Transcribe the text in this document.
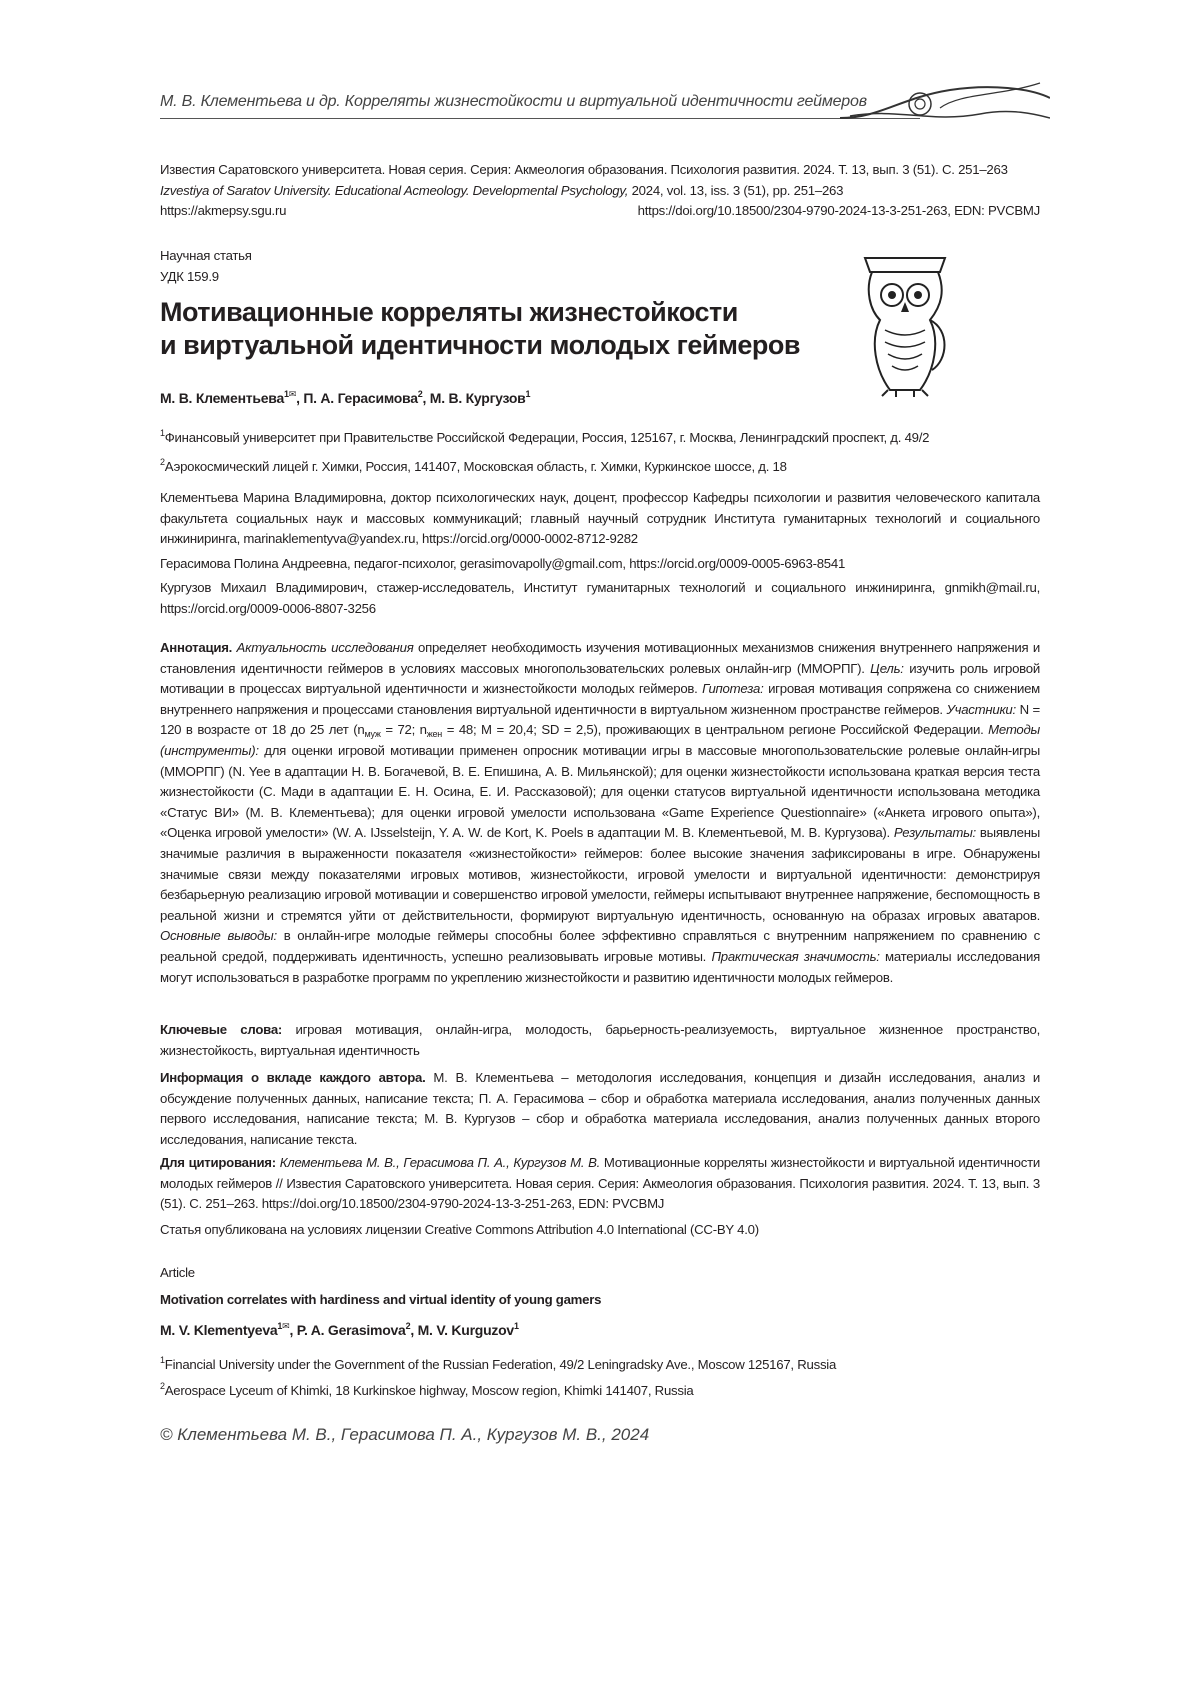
М. В. Клементьева и др. Корреляты жизнестойкости и виртуальной идентичности геймеров

Известия Саратовского университета. Новая серия. Серия: Акмеология образования. Психология развития. 2024. Т. 13, вып. 3 (51). С. 251–263

Izvestiya of Saratov University. Educational Acmeology. Developmental Psychology, 2024, vol. 13, iss. 3 (51), pp. 251–263

https://akmepsy.sgu.ru	https://doi.org/10.18500/2304-9790-2024-13-3-251-263, EDN: PVCBMJ

Научная статья

УДК 159.9

Мотивационные корреляты жизнестойкости
и виртуальной идентичности молодых геймеров
М. В. Клементьева$^{1✉}$, П. А. Герасимова$^2$, М. В. Кургузов$^1$

$^1$Финансовый университет при Правительстве Российской Федерации, Россия, 125167, г. Москва, Ленинградский проспект, д. 49/2

$^2$Аэрокосмический лицей г. Химки, Россия, 141407, Московская область, г. Химки, Куркинское шоссе, д. 18

Клементьева Марина Владимировна, доктор психологических наук, доцент, профессор Кафедры психологии и развития человеческого капитала факультета социальных наук и массовых коммуникаций; главный научный сотрудник Института гуманитарных технологий и социального инжиниринга, marinaklementyva@yandex.ru, https://orcid.org/0000-0002-8712-9282

Герасимова Полина Андреевна, педагог-психолог, gerasimovapolly@gmail.com, https://orcid.org/0009-0005-6963-8541

Кургузов Михаил Владимирович, стажер-исследователь, Институт гуманитарных технологий и социального инжиниринга, gnmikh@mail.ru, https://orcid.org/0009-0006-8807-3256

Аннотация. Актуальность исследования определяет необходимость изучения мотивационных механизмов снижения внутреннего напряжения и становления идентичности геймеров в условиях массовых многопользовательских ролевых онлайн-игр (ММОРПГ). Цель: изучить роль игровой мотивации в процессах виртуальной идентичности и жизнестойкости молодых геймеров. Гипотеза: игровая мотивация сопряжена со снижением внутреннего напряжения и процессами становления виртуальной идентичности в виртуальном жизненном пространстве геймеров. Участники: N = 120 в возрасте от 18 до 25 лет ($n_{муж} = 72$; $n_{жен} = 48$; M = 20,4; SD = 2,5), проживающих в центральном регионе Российской Федерации. Методы (инструменты): для оценки игровой мотивации применен опросник мотивации игры в массовые многопользовательские ролевые онлайн-игры (ММОРПГ) (N. Yee в адаптации Н. В. Богачевой, В. Е. Епишина, А. В. Мильянской); для оценки жизнестойкости использована краткая версия теста жизнестойкости (С. Мади в адаптации Е. Н. Осина, Е. И. Рассказовой); для оценки статусов виртуальной идентичности использована методика «Статус ВИ» (М. В. Клементьева); для оценки игровой умелости использована «Game Experience Questionnaire» («Анкета игрового опыта»), «Оценка игровой умелости» (W. A. IJsselsteijn, Y. A. W. de Kort, K. Poels в адаптации М. В. Клементьевой, М. В. Кургузова). Результаты: выявлены значимые различия в выраженности показателя «жизнестойкости» геймеров: более высокие значения зафиксированы в игре. Обнаружены значимые связи между показателями игровых мотивов, жизнестойкости, игровой умелости и виртуальной идентичности: демонстрируя безбарьерную реализацию игровой мотивации и совершенство игровой умелости, геймеры испытывают внутреннее напряжение, беспомощность в реальной жизни и стремятся уйти от действительности, формируют виртуальную идентичность, основанную на образах игровых аватаров. Основные выводы: в онлайн-игре молодые геймеры способны более эффективно справляться с внутренним напряжением по сравнению с реальной средой, поддерживать идентичность, успешно реализовывать игровые мотивы. Практическая значимость: материалы исследования могут использоваться в разработке программ по укреплению жизнестойкости и развитию идентичности молодых геймеров.
Ключевые слова: игровая мотивация, онлайн-игра, молодость, барьерность-реализуемость, виртуальное жизненное пространство, жизнестойкость, виртуальная идентичность
Информация о вкладе каждого автора. М. В. Клементьева – методология исследования, концепция и дизайн исследования, анализ и обсуждение полученных данных, написание текста; П. А. Герасимова – сбор и обработка материала исследования, анализ полученных данных первого исследования, написание текста; М. В. Кургузов – сбор и обработка материала исследования, анализ полученных данных второго исследования, написание текста.
Для цитирования: Клементьева М. В., Герасимова П. А., Кургузов М. В. Мотивационные корреляты жизнестойкости и виртуальной идентичности молодых геймеров // Известия Саратовского университета. Новая серия. Серия: Акмеология образования. Психология развития. 2024. Т. 13, вып. 3 (51). С. 251–263. https://doi.org/10.18500/2304-9790-2024-13-3-251-263, EDN: PVCBMJ
Статья опубликована на условиях лицензии Creative Commons Attribution 4.0 International (CC-BY 4.0)
Article
Motivation correlates with hardiness and virtual identity of young gamers
M. V. Klementyeva$^{1✉}$, P. A. Gerasimova$^2$, M. V. Kurguzov$^1$

$^1$Financial University under the Government of the Russian Federation, 49/2 Leningradsky Ave., Moscow 125167, Russia

$^2$Aerospace Lyceum of Khimki, 18 Kurkinskoe highway, Moscow region, Khimki 141407, Russia

© Клементьева М. В., Герасимова П. А., Кургузов М. В., 2024
